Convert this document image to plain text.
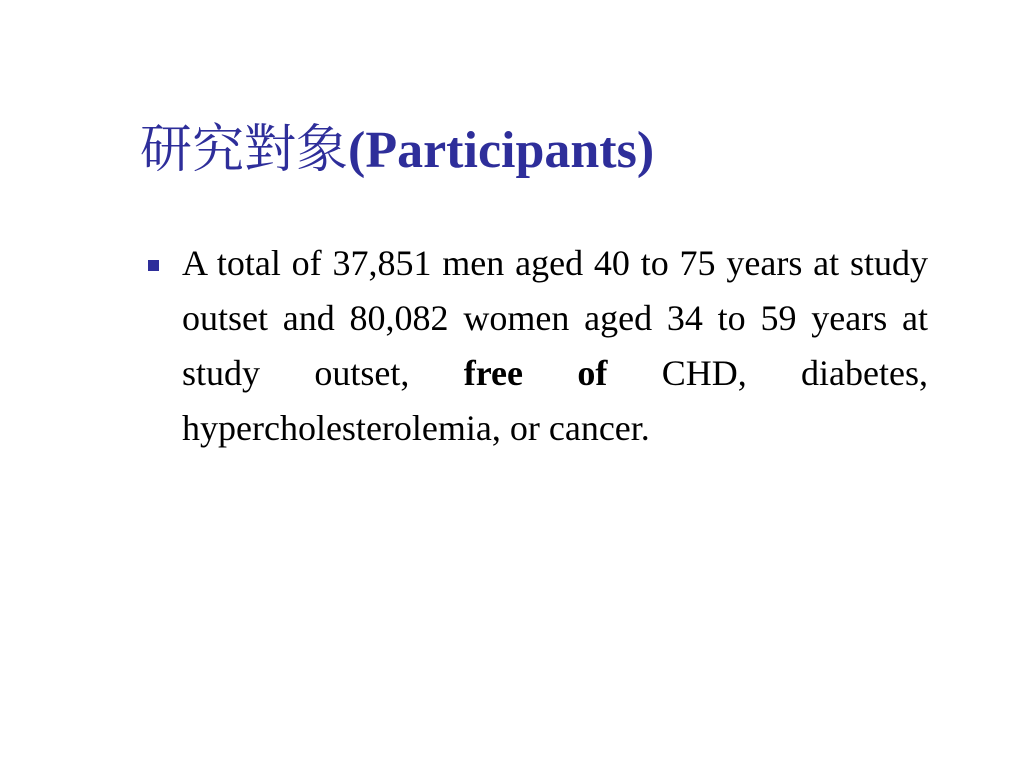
研究對象(Participants)
A total of 37,851 men aged 40 to 75 years at study outset and 80,082 women aged 34 to 59 years at study outset, free of CHD, diabetes, hypercholesterolemia, or cancer.
